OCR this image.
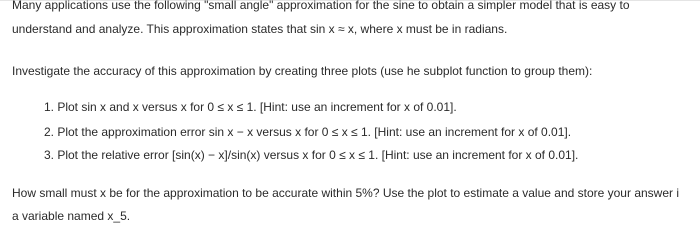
Many applications use the following "small angle" approximation for the sine to obtain a simpler model that is easy to
understand and analyze. This approximation states that sin x ≈ x, where x must be in radians.
Investigate the accuracy of this approximation by creating three plots (use he subplot function to group them):
1. Plot sin x and x versus x for 0 ≤ x ≤ 1. [Hint: use an increment for x of 0.01].
2. Plot the approximation error sin x − x versus x for 0 ≤ x ≤ 1. [Hint: use an increment for x of 0.01].
3. Plot the relative error [sin(x) − x]/sin(x) versus x for 0 ≤ x ≤ 1. [Hint: use an increment for x of 0.01].
How small must x be for the approximation to be accurate within 5%? Use the plot to estimate a value and store your answer i
a variable named x_5.
